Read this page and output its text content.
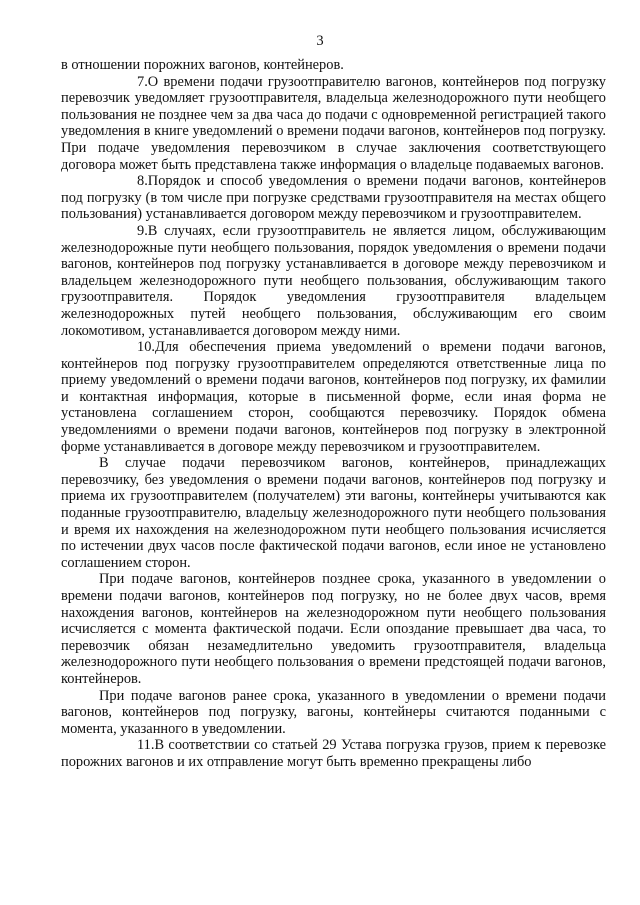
3

в отношении порожних вагонов, контейнеров.

7.О времени подачи грузоотправителю вагонов, контейнеров под погрузку перевозчик уведомляет грузоотправителя, владельца железнодорожного пути необщего пользования не позднее чем за два часа до подачи с одновременной регистрацией такого уведомления в книге уведомлений о времени подачи вагонов, контейнеров под погрузку. При подаче уведомления перевозчиком в случае заключения соответствующего договора может быть представлена также информация о владельце подаваемых вагонов.

8.Порядок и способ уведомления о времени подачи вагонов, контейнеров под погрузку (в том числе при погрузке средствами грузоотправителя на местах общего пользования) устанавливается договором между перевозчиком и грузоотправителем.

9.В случаях, если грузоотправитель не является лицом, обслуживающим железнодорожные пути необщего пользования, порядок уведомления о времени подачи вагонов, контейнеров под погрузку устанавливается в договоре между перевозчиком и владельцем железнодорожного пути необщего пользования, обслуживающим такого грузоотправителя. Порядок уведомления грузоотправителя владельцем железнодорожных путей необщего пользования, обслуживающим его своим локомотивом, устанавливается договором между ними.

10.Для обеспечения приема уведомлений о времени подачи вагонов, контейнеров под погрузку грузоотправителем определяются ответственные лица по приему уведомлений о времени подачи вагонов, контейнеров под погрузку, их фамилии и контактная информация, которые в письменной форме, если иная форма не установлена соглашением сторон, сообщаются перевозчику. Порядок обмена уведомлениями о времени подачи вагонов, контейнеров под погрузку в электронной форме устанавливается в договоре между перевозчиком и грузоотправителем.

В случае подачи перевозчиком вагонов, контейнеров, принадлежащих перевозчику, без уведомления о времени подачи вагонов, контейнеров под погрузку и приема их грузоотправителем (получателем) эти вагоны, контейнеры учитываются как поданные грузоотправителю, владельцу железнодорожного пути необщего пользования и время их нахождения на железнодорожном пути необщего пользования исчисляется по истечении двух часов после фактической подачи вагонов, если иное не установлено соглашением сторон.

При подаче вагонов, контейнеров позднее срока, указанного в уведомлении о времени подачи вагонов, контейнеров под погрузку, но не более двух часов, время нахождения вагонов, контейнеров на железнодорожном пути необщего пользования исчисляется с момента фактической подачи. Если опоздание превышает два часа, то перевозчик обязан незамедлительно уведомить грузоотправителя, владельца железнодорожного пути необщего пользования о времени предстоящей подачи вагонов, контейнеров.

При подаче вагонов ранее срока, указанного в уведомлении о времени подачи вагонов, контейнеров под погрузку, вагоны, контейнеры считаются поданными с момента, указанного в уведомлении.

11.В соответствии со статьей 29 Устава погрузка грузов, прием к перевозке порожних вагонов и их отправление могут быть временно прекращены либо
